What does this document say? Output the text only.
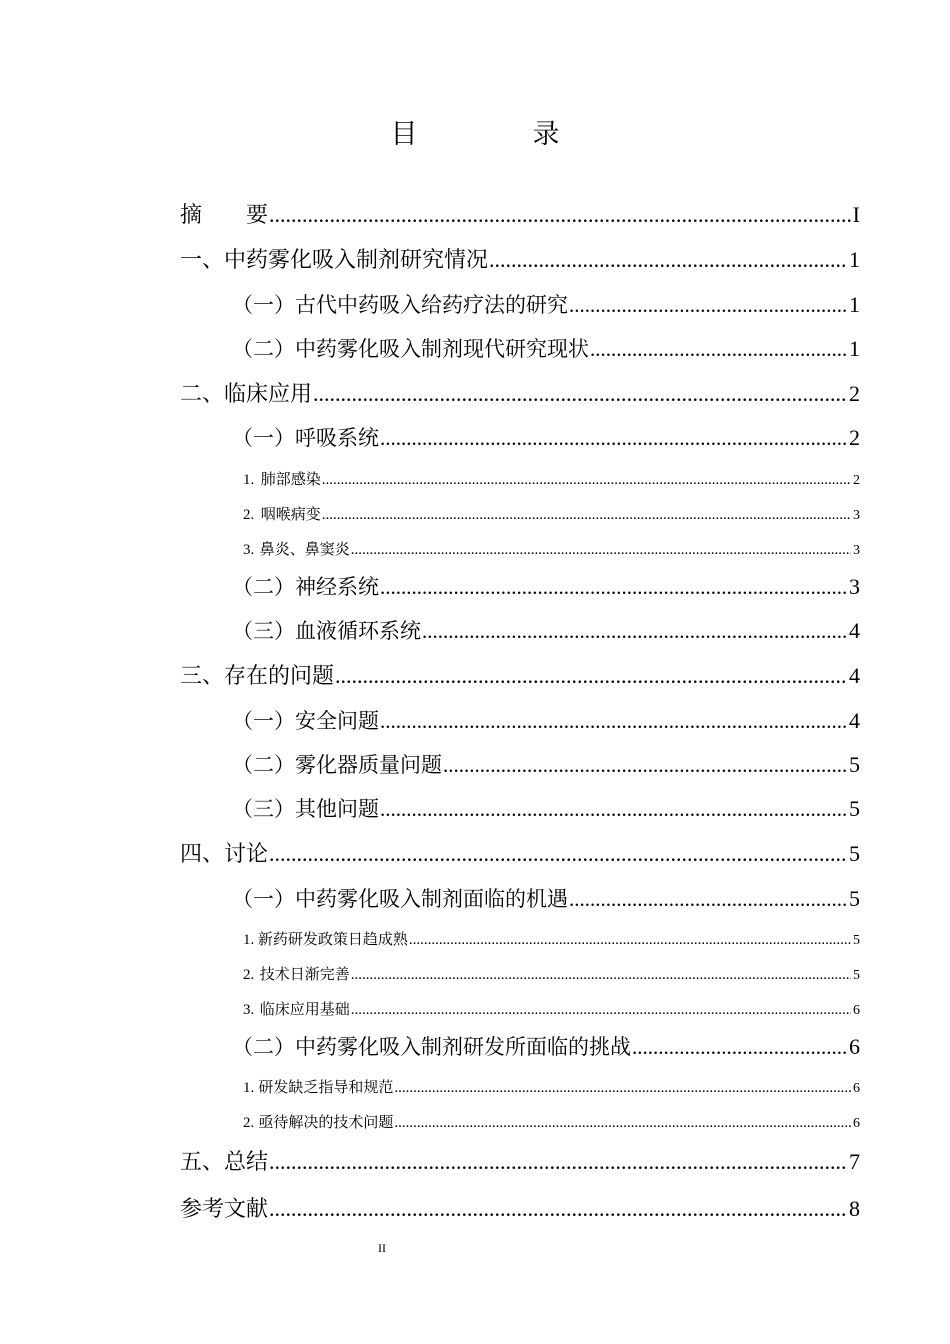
目　录
摘　　要 .....	I
一、 中药雾化吸入制剂研究情况 .....	1
（一） 古代中药吸入给药疗法的研究 .....	1
（二） 中药雾化吸入制剂现代研究现状 .....	1
二、 临床应用 .....	2
（一） 呼吸系统 .....	2
1. 肺部感染 .....	2
2. 咽喉病变 .....	3
3. 鼻炎、鼻窦炎 .....	3
（二） 神经系统 .....	3
（三） 血液循环系统 .....	4
三、 存在的问题 .....	4
（一） 安全问题 .....	4
（二） 雾化器质量问题 .....	5
（三） 其他问题 .....	5
四、 讨论 .....	5
（一） 中药雾化吸入制剂面临的机遇 .....	5
1. 新药研发政策日趋成熟 .....	5
2. 技术日渐完善 .....	5
3. 临床应用基础 .....	6
（二） 中药雾化吸入制剂研发所面临的挑战 .....	6
1. 研发缺乏指导和规范 .....	6
2. 亟待解决的技术问题 .....	6
五、 总结 .....	7
参考文献 .....	8
II
